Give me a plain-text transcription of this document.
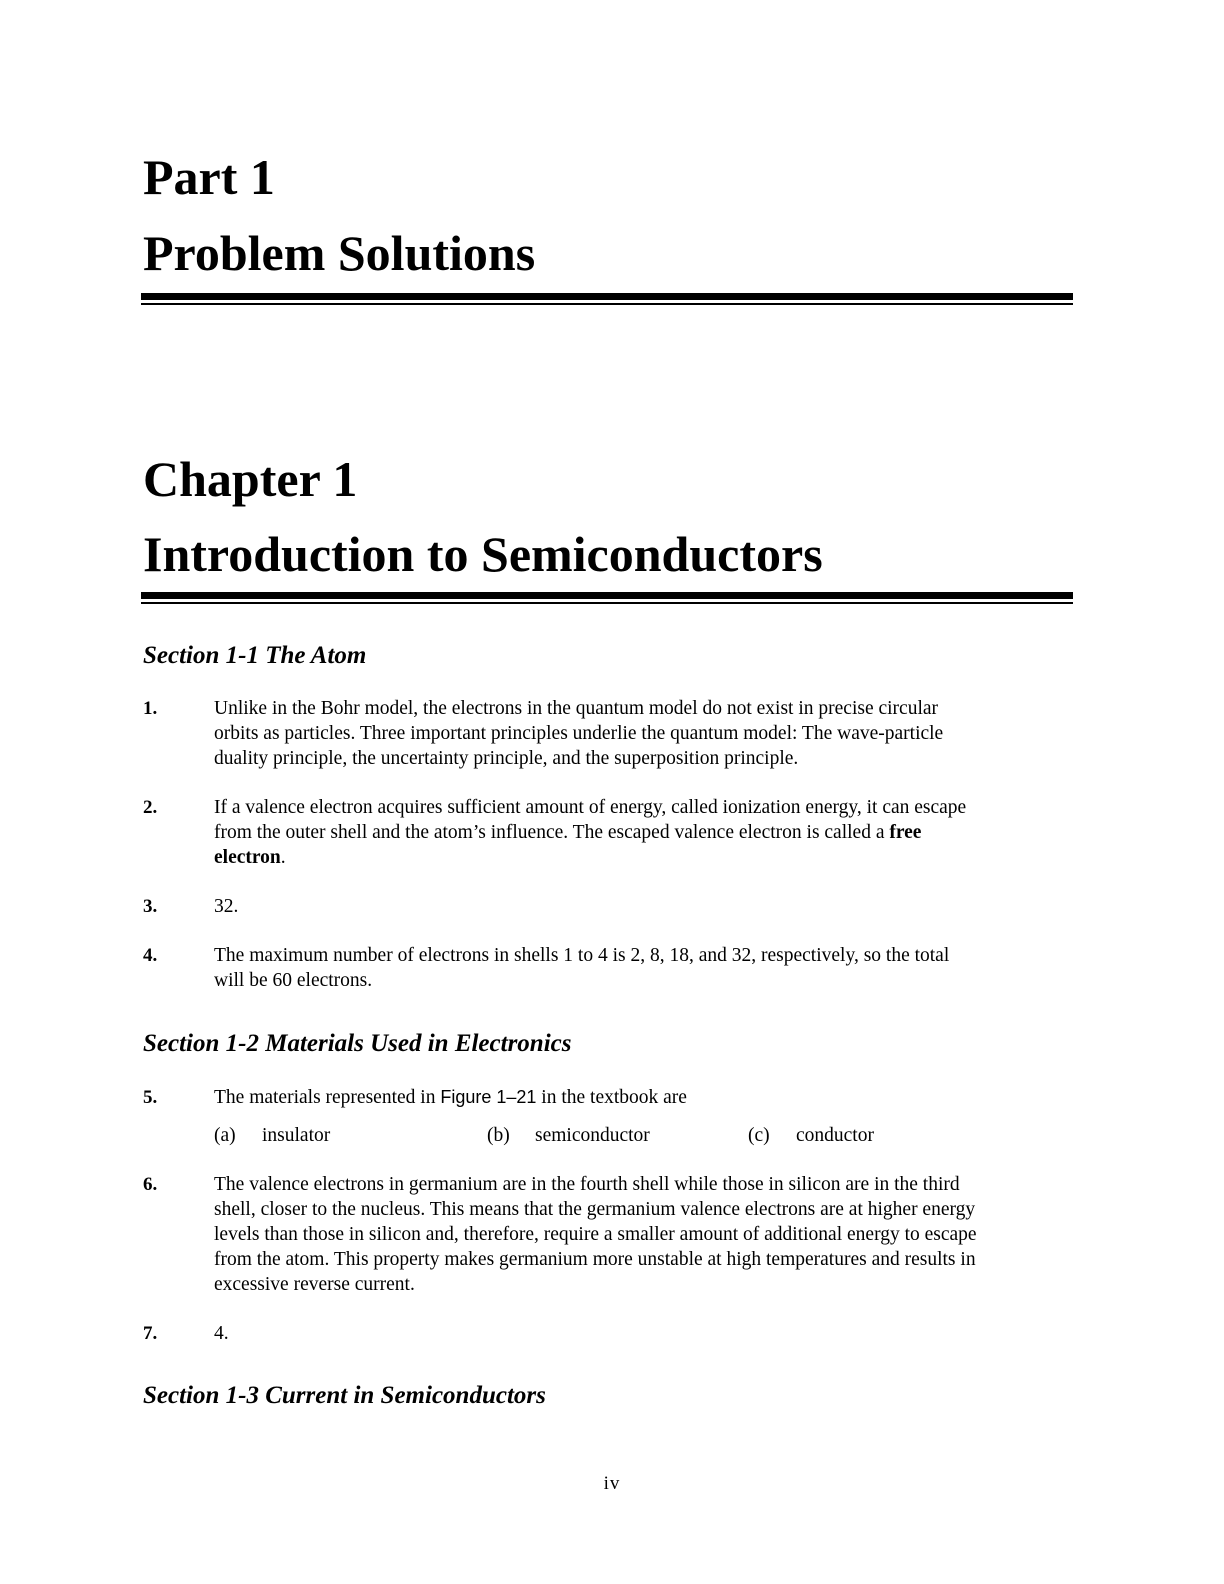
Part 1
Problem Solutions
Chapter 1
Introduction to Semiconductors
Section 1-1 The Atom
1.	Unlike in the Bohr model, the electrons in the quantum model do not exist in precise circular
orbits as particles. Three important principles underlie the quantum model: The wave-particle
duality principle, the uncertainty principle, and the superposition principle.
2.	If a valence electron acquires sufficient amount of energy, called ionization energy, it can escape
from the outer shell and the atom’s influence. The escaped valence electron is called a free
electron.
3.	32.
4.	The maximum number of electrons in shells 1 to 4 is 2, 8, 18, and 32, respectively, so the total
will be 60 electrons.
Section 1-2 Materials Used in Electronics
5.	The materials represented in Figure 1–21 in the textbook are
(a) insulator	(b) semiconductor	(c) conductor
6.	The valence electrons in germanium are in the fourth shell while those in silicon are in the third
shell, closer to the nucleus. This means that the germanium valence electrons are at higher energy
levels than those in silicon and, therefore, require a smaller amount of additional energy to escape
from the atom. This property makes germanium more unstable at high temperatures and results in
excessive reverse current.
7.	4.
Section 1-3 Current in Semiconductors
iv
